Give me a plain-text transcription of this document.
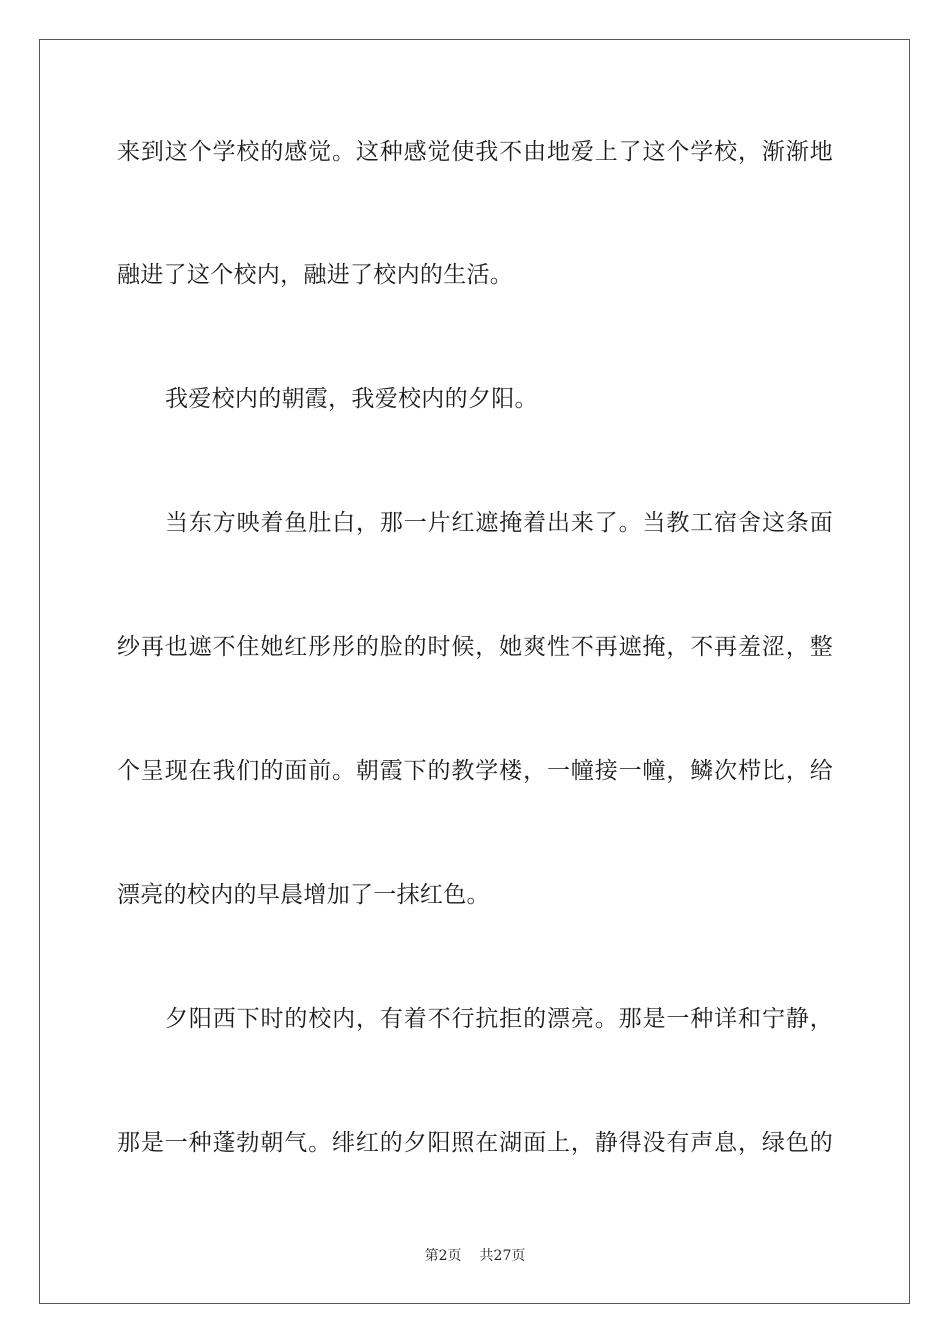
来到这个学校的感觉。这种感觉使我不由地爱上了这个学校，渐渐地
融进了这个校内，融进了校内的生活。
我爱校内的朝霞，我爱校内的夕阳。
当东方映着鱼肚白，那一片红遮掩着出来了。当教工宿舍这条面
纱再也遮不住她红彤彤的脸的时候，她爽性不再遮掩，不再羞涩，整
个呈现在我们的面前。朝霞下的教学楼，一幢接一幢，鳞次栉比，给
漂亮的校内的早晨增加了一抹红色。
夕阳西下时的校内，有着不行抗拒的漂亮。那是一种详和宁静，
那是一种蓬勃朝气。绯红的夕阳照在湖面上，静得没有声息，绿色的
第2页 共27页
